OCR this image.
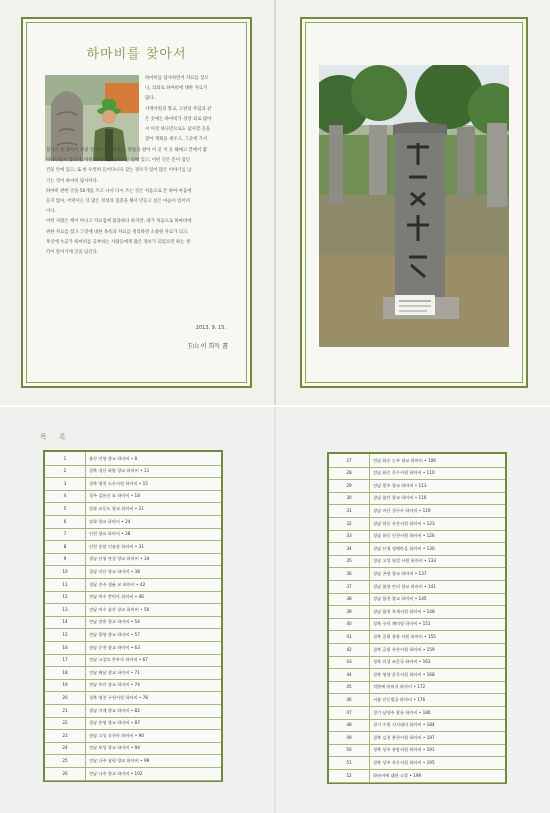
하마비를 찾아서
하마비를 답사하면서 자료를 찾으
니, 의외로 하마비에 대한 자료가
많다.
사액서원과 향교, 고관의 무덤과 같
은 곳에는 하마비가 상상 외로 많아
서 이것 하나만으로도 답사할 곳을
찾아 계획을 세우고, 그곳에 가서
찾다가 못 찾아서 관광 안내소에 문의하고, 발품을 팔아 이 곳 저 곳 헤매고 끝에서 몇
아다니면서 찾다가, 어떤 하마비는 들어오는 길에 있고, 어떤 것은 문이 잠긴
건물 안에 있고, 또 한 우연히 들어다니다 찾는 경우가 있어 많은 이야기를 남
기는 것이 하마비 답사이다.
하마비 관한 글을 50개를 쓰고 나서 다시 쓰는 것은 처음으로 쓴 하마 마음에
들지 않아, 어떤이는 더 많은 정성과 집중을 해서 만들고 싶은 마음이 있어서
이다.
어떤 사람은 책이 아니고 자료집에 불과하다 하지만, 내가 처음으로 하마비에
관한 자료를 찾고 그것에 대한 목록과 자료를 정리하면 소중한 자료가 되고,
후일에 누군가 하마비를 공부하는 사람들에게 많은 정보가 되었으면 하는 생
각이 앞서기에 글을 남긴다.
2013. 9. 15.
玉山 이 희득 書
목 록
1	울산 언양 향교 하마비 • 8
2	경북 경산 하양 향교 하마비 • 11
3	경북 영천 도산서원 하마비 • 15
4	경주 김유신 묘 하마비 • 18
5	강화 교동도 향교 하마비 • 21
6	강화 향교 하마비 • 24
7	인천 향교 하마비 • 28
8	인천 송암 미술관 하마비 • 31
9	경남 산청 단성 향교 하마비 • 34
10	경남 마산 향교 하마비 • 38
11	경남 진주 경륜 묘 하마비 • 42
12	전남 여수 충민사 하마비 • 46
13	전남 여수 술산 향교 하마비 • 50
14	전남 장흥 향교 하마비 • 54
15	전남 광양 향교 하마비 • 57
16	전남 순천 향교 하마비 • 63
17	전남 고창모 충무사 하마비 • 67
18	전남 해남 향교 하마비 • 71
19	전남 무안 향교 하마비 • 74
20	경북 영천 구천서원 하마비 • 78
21	경남 거제 향교 하마비 • 82
22	경남 통영 향교 하마비 • 87
23	전남 고성 속천사 하마비 • 90
24	전남 보성 향교 하마비 • 94
25	전남 나주 남평 향교 하마비 • 99
26	전남 나주 향교 하마비 • 102
27	전남 화순 능주 향교 하마비 • 106
28	전남 화순 죽수서원 하마비 • 110
29	전남 광주 향교 하마비 • 113
30	경남 함안 향교 하마비 • 116
31	경남 마산 성구사 하마비 • 119
32	경남 하동 옥산서원 하마비 • 123
33	경남 하동 인천서원 하마비 • 126
34	경남 산청 정헤마을 하마비 • 130
35	경남 고성 월성 서원 하마비 • 133
36	경남 곤양 향교 하마비 • 137
37	경남 함양 안의 향교 하마비 • 141
38	경남 합천 향교 하마비 • 145
39	경남 합천 옥계서원 하마비 • 148
40	경북 구미 채미정 하마비 • 151
41	경북 군위 용양 서원 하마비 • 155
42	경북 군위 옥산서원 하마비 • 159
43	경북 의성 조문국 하마비 • 163
44	경북 영양 운곡서원 하마비 • 168
45	석방배 유허지 하마비 • 172
46	서울 안동별궁 하마비 • 176
47	경기 남양주 광릉 하마비 • 180
48	경기 수원 지지대비 하마비 • 184
49	경북 김천 춘천서원 하마비 • 187
50	경북 상주 흥암서원 하마비 • 191
51	경북 상주 옥동서원 하마비 • 195
52	하마비에 대한 고찰 • 199
